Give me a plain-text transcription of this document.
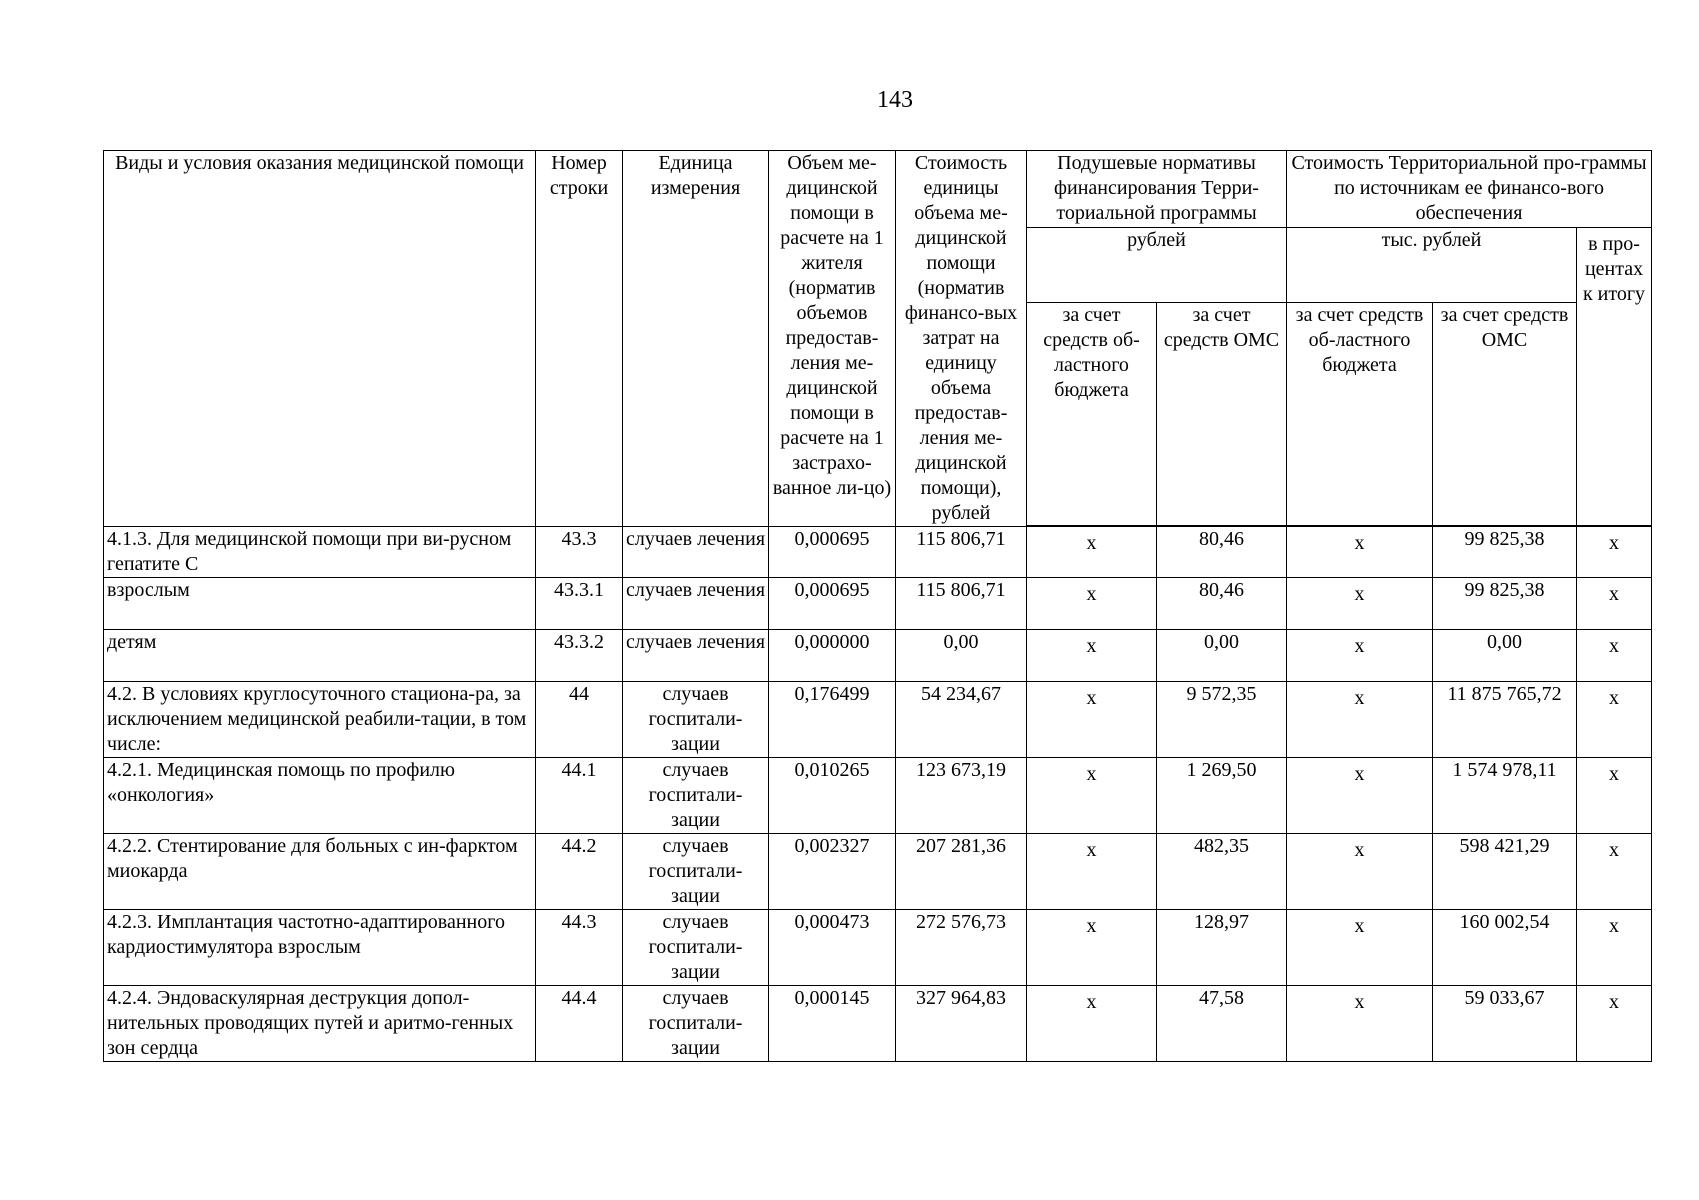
143
Виды и условия оказания медицинской помощи	Номер строки	Единица измерения	Объем ме-дицинской помощи в расчете на 1 жителя (норматив объемов предостав-ления ме-дицинской помощи в расчете на 1 застрахо-ванное ли-цо)	Стоимость единицы объема ме-дицинской помощи (норматив финансо-вых затрат на единицу объема предостав-ления ме-дицинской помощи), рублей	Подушевые нормативы финансирования Терри-ториальной программы		Стоимость Территориальной про-граммы по источникам ее финансо-вого обеспечения		
					рублей		тыс. рублей		в про-центах к итогу
					за счет средств об-ластного бюджета	за счет средств ОМС	за счет средств об-ластного бюджета	за счет средств ОМС	

4.1.3. Для медицинской помощи при ви-русном гепатите С	43.3	случаев лечения	0,000695	115 806,71	х	80,46	х	99 825,38	х
взрослым	43.3.1	случаев лечения	0,000695	115 806,71	х	80,46	х	99 825,38	х
детям	43.3.2	случаев лечения	0,000000	0,00	х	0,00	х	0,00	х
4.2. В условиях круглосуточного стациона-ра, за исключением медицинской реабили-тации, в том числе:	44	случаев госпитали-зации	0,176499	54 234,67	х	9 572,35	х	11 875 765,72	х
4.2.1. Медицинская помощь по профилю «онкология»	44.1	случаев госпитали-зации	0,010265	123 673,19	х	1 269,50	х	1 574 978,11	х
4.2.2. Стентирование для больных с ин-фарктом миокарда	44.2	случаев госпитали-зации	0,002327	207 281,36	х	482,35	х	598 421,29	х
4.2.3. Имплантация частотно-адаптированного кардиостимулятора взрослым	44.3	случаев госпитали-зации	0,000473	272 576,73	х	128,97	х	160 002,54	х
4.2.4. Эндоваскулярная деструкция допол-нительных проводящих путей и аритмо-генных зон сердца	44.4	случаев госпитали-зации	0,000145	327 964,83	х	47,58	х	59 033,67	х
